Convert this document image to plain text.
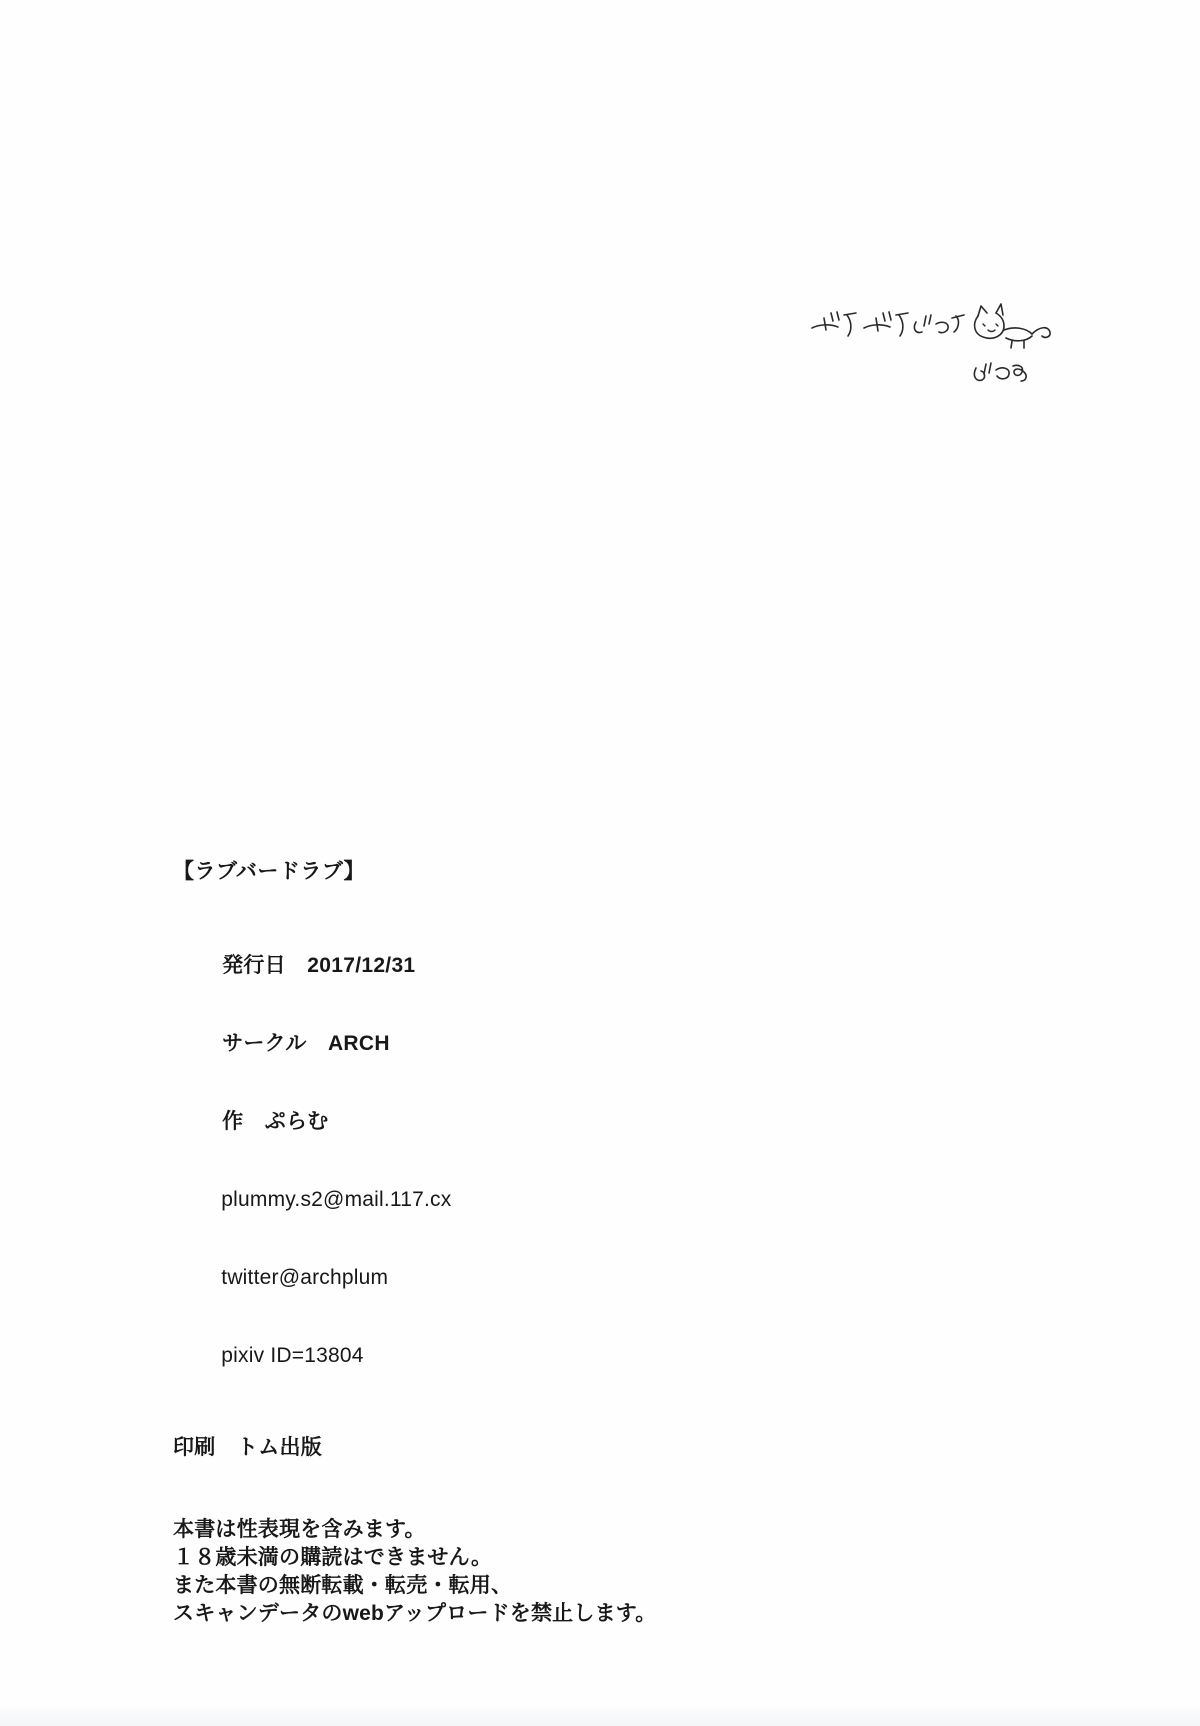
【ラブバードラブ】

発行日　 2017/12/31

サークル　 ARCH

作　 ぷらむ

plummy.s2@mail.117.cx

twitter@archplum

pixiv ID=13804

印刷　トム出版
本書は性表現を含みます。
１８歳未満の購読はできません。
また本書の無断転載・転売・転用、
スキャンデータのwebアップロードを禁止します。
